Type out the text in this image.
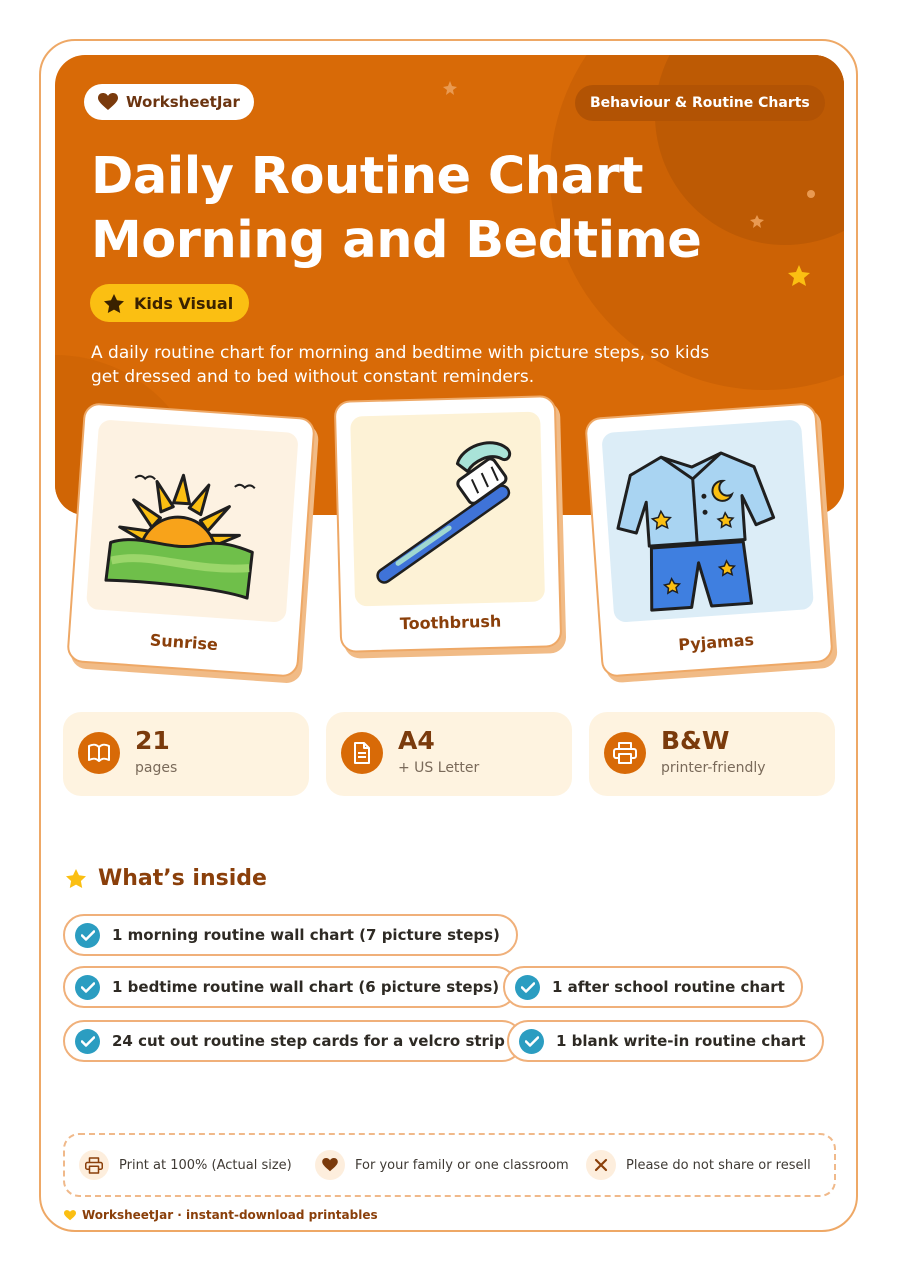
WorksheetJar	Behaviour & Routine Charts
Daily Routine Chart
Morning and Bedtime
Kids Visual

A daily routine chart for morning and bedtime with picture steps, so kids get dressed and to bed without constant reminders.

Sunrise
Toothbrush
Pyjamas
21
pages
A4
+ US Letter
B&W
printer-friendly
What’s inside
1 morning routine wall chart (7 picture steps)
1 bedtime routine wall chart (6 picture steps)	1 after school routine chart
24 cut out routine step cards for a velcro strip	1 blank write-in routine chart
Print at 100% (Actual size)	For your family or one classroom	Please do not share or resell
WorksheetJar · instant-download printables
